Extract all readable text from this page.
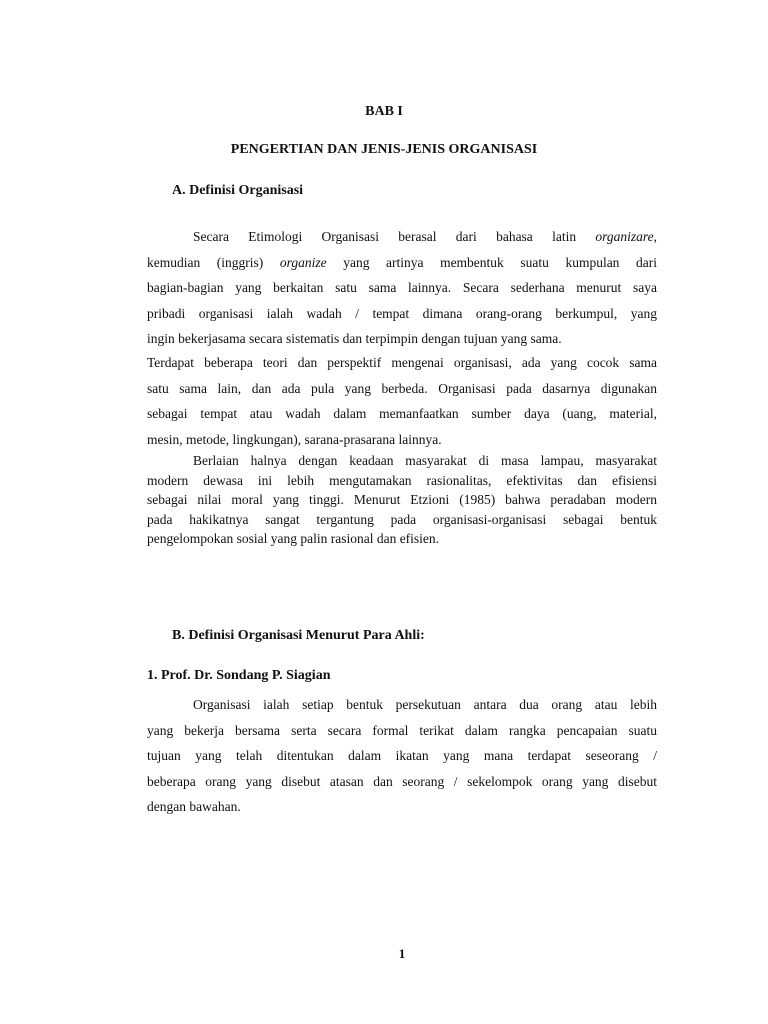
BAB I
PENGERTIAN DAN JENIS-JENIS ORGANISASI
A. Definisi Organisasi
Secara Etimologi Organisasi berasal dari bahasa latin organizare,
kemudian (inggris) organize yang artinya membentuk suatu kumpulan dari
bagian-bagian yang berkaitan satu sama lainnya. Secara sederhana menurut saya
pribadi organisasi ialah wadah / tempat dimana orang-orang berkumpul, yang
ingin bekerjasama secara sistematis dan terpimpin dengan tujuan yang sama.
Terdapat beberapa teori dan perspektif mengenai organisasi, ada yang cocok sama
satu sama lain, dan ada pula yang berbeda. Organisasi pada dasarnya digunakan
sebagai tempat atau wadah dalam memanfaatkan sumber daya (uang, material,
mesin, metode, lingkungan), sarana-prasarana lainnya.
Berlaian halnya dengan keadaan masyarakat di masa lampau, masyarakat
modern dewasa ini lebih mengutamakan rasionalitas, efektivitas dan efisiensi
sebagai nilai moral yang tinggi. Menurut Etzioni (1985) bahwa peradaban modern
pada hakikatnya sangat tergantung pada organisasi-organisasi sebagai bentuk
pengelompokan sosial yang palin rasional dan efisien.
B. Definisi Organisasi Menurut Para Ahli:
1. Prof. Dr. Sondang P. Siagian
Organisasi ialah setiap bentuk persekutuan antara dua orang atau lebih
yang bekerja bersama serta secara formal terikat dalam rangka pencapaian suatu
tujuan yang telah ditentukan dalam ikatan yang mana terdapat seseorang /
beberapa orang yang disebut atasan dan seorang / sekelompok orang yang disebut
dengan bawahan.
1
